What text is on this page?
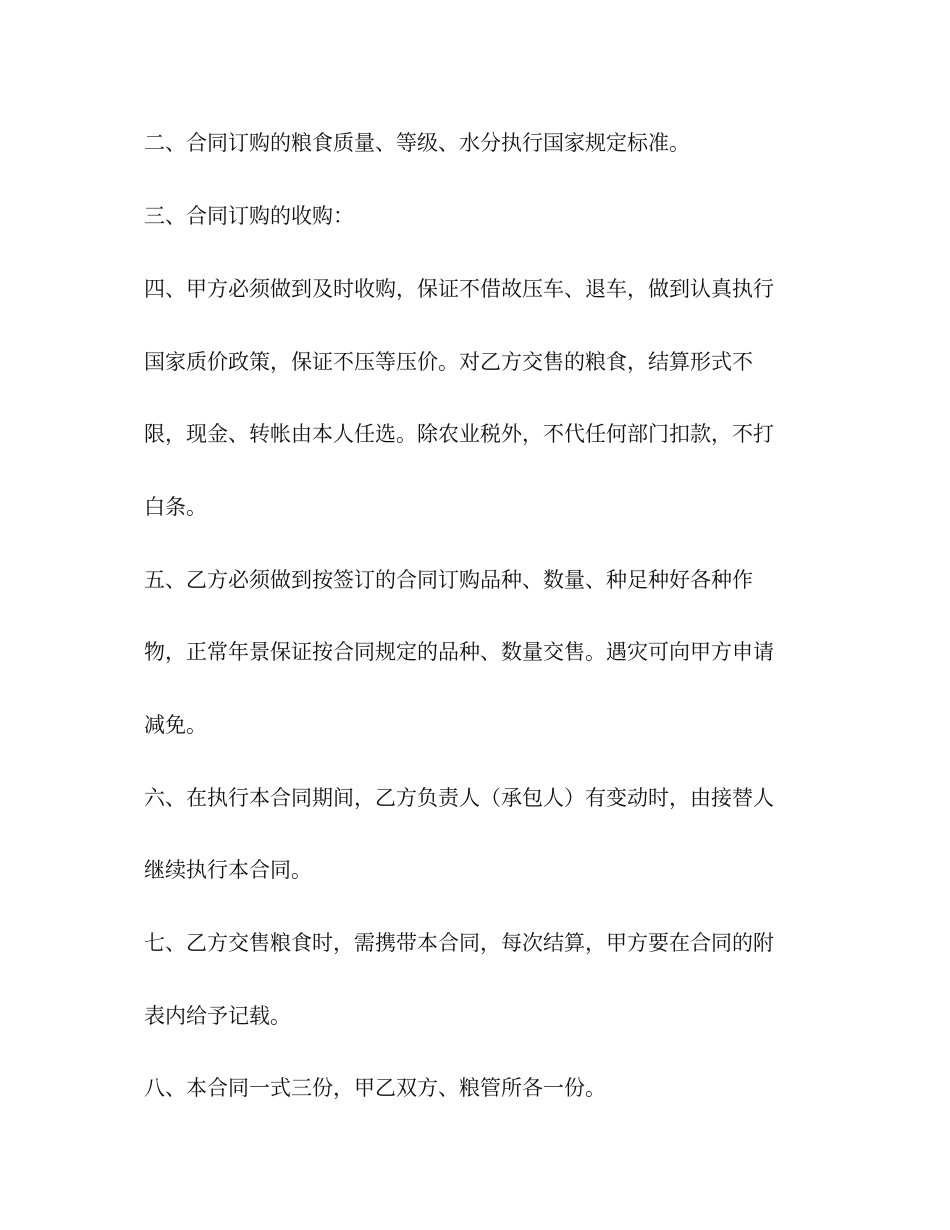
二、合同订购的粮食质量、等级、水分执行国家规定标准。
三、合同订购的收购：
四、甲方必须做到及时收购，保证不借故压车、退车，做到认真执行
国家质价政策，保证不压等压价。对乙方交售的粮食，结算形式不
限，现金、转帐由本人任选。除农业税外，不代任何部门扣款，不打
白条。
五、乙方必须做到按签订的合同订购品种、数量、种足种好各种作
物，正常年景保证按合同规定的品种、数量交售。遇灾可向甲方申请
减免。
六、在执行本合同期间，乙方负责人（承包人）有变动时，由接替人
继续执行本合同。
七、乙方交售粮食时，需携带本合同，每次结算，甲方要在合同的附
表内给予记载。
八、本合同一式三份，甲乙双方、粮管所各一份。
